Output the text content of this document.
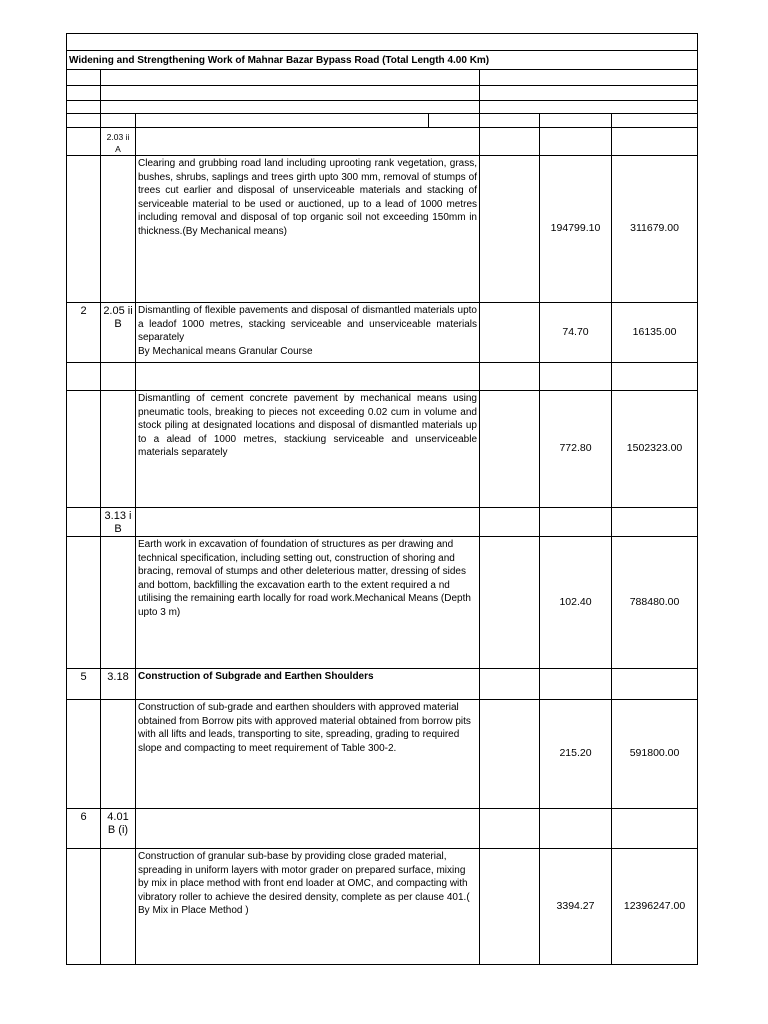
Widening and Strengthening Work of Mahnar Bazar Bypass Road (Total Length 4.00 Km)						

	2.03 ii A					
		Clearing and grubbing road land including uprooting rank vegetation, grass, bushes, shrubs, saplings and trees girth upto 300 mm, removal of stumps of trees cut earlier and disposal of unserviceable materials and stacking of serviceable material to be used or auctioned, up to a lead of 1000 metres including removal and disposal of top organic soil not exceeding 150mm in thickness.(By Mechanical means)			194799.10	311679.00
2	2.05 ii B	Dismantling of flexible pavements and disposal of dismantled materials upto a leadof 1000 metres, stacking serviceable and unserviceable materials separately
By Mechanical means Granular Course			74.70	16135.00

		Dismantling of cement concrete pavement by mechanical means using pneumatic tools, breaking to pieces not exceeding 0.02 cum in volume and stock piling at designated locations and disposal of dismantled materials up to a alead of 1000 metres, stackiung serviceable and unserviceable materials separately			772.80	1502323.00
	3.13 i B					
		Earth work in excavation of foundation of structures as per drawing and technical specification, including setting out, construction of shoring and bracing, removal of stumps and other deleterious matter, dressing of sides and bottom, backfilling the excavation earth to the extent required a nd utilising the remaining earth locally for road work.Mechanical Means (Depth upto 3 m)			102.40	788480.00
5	3.18	Construction of Subgrade and Earthen Shoulders				
		Construction of sub-grade and earthen shoulders with approved material obtained from Borrow pits with approved material obtained from borrow pits with all lifts and leads, transporting to site, spreading, grading to required slope and compacting to meet requirement of Table 300-2.			215.20	591800.00
6	4.01 B (i)					
		Construction of granular sub-base by providing close graded material, spreading in uniform layers with motor grader on prepared surface, mixing by mix in place method with front end loader at OMC, and compacting with vibratory roller to achieve the desired density, complete as per clause 401.( By Mix in Place Method )			3394.27	12396247.00
